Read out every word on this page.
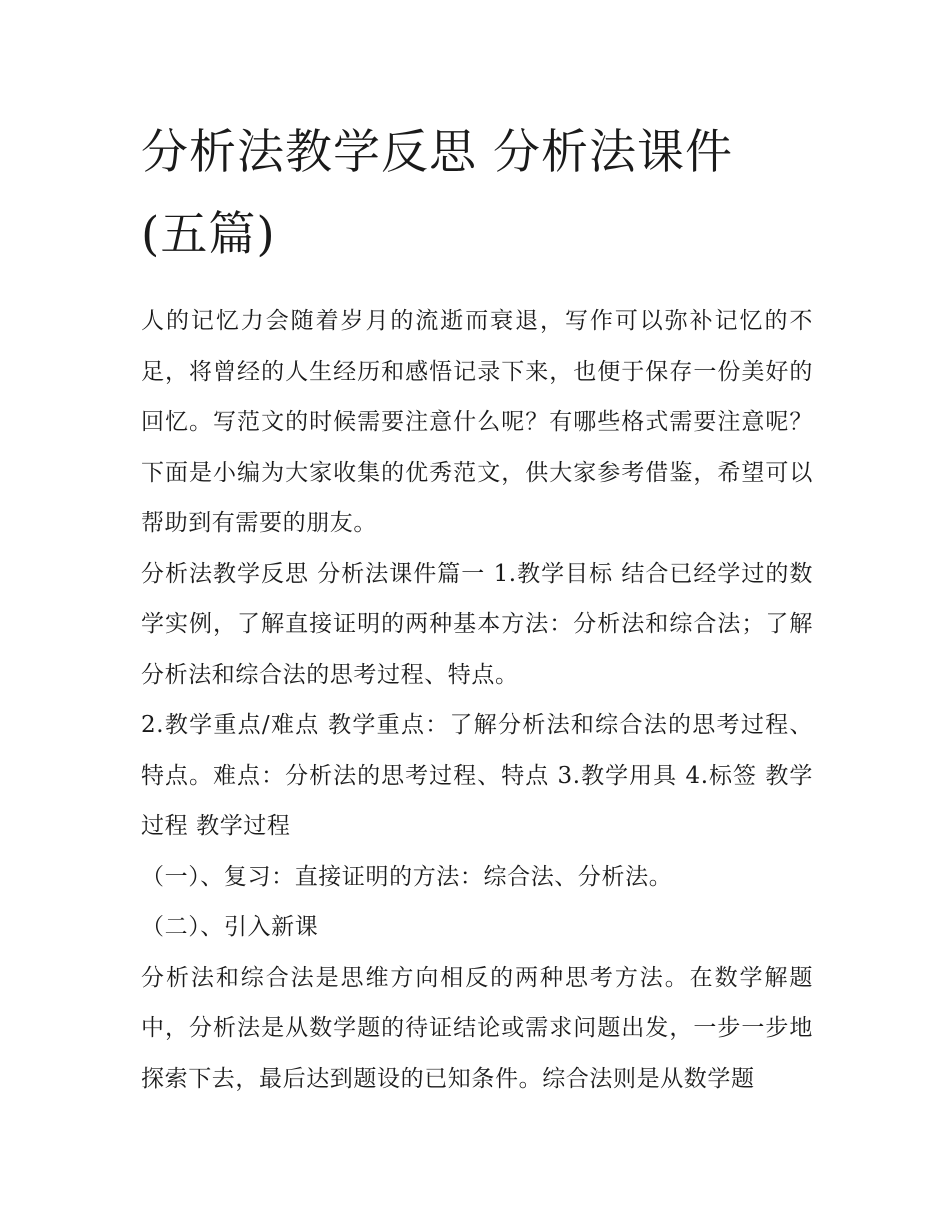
分析法教学反思 分析法课件(五篇)

人的记忆力会随着岁月的流逝而衰退，写作可以弥补记忆的不足，将曾经的人生经历和感悟记录下来，也便于保存一份美好的回忆。写范文的时候需要注意什么呢？有哪些格式需要注意呢？下面是小编为大家收集的优秀范文，供大家参考借鉴，希望可以帮助到有需要的朋友。

分析法教学反思 分析法课件篇一 1.教学目标 结合已经学过的数学实例，了解直接证明的两种基本方法：分析法和综合法；了解分析法和综合法的思考过程、特点。

2.教学重点/难点 教学重点：了解分析法和综合法的思考过程、特点。难点：分析法的思考过程、特点 3.教学用具 4.标签 教学过程 教学过程

（一）、复习：直接证明的方法：综合法、分析法。

（二）、引入新课

分析法和综合法是思维方向相反的两种思考方法。在数学解题中，分析法是从数学题的待证结论或需求问题出发，一步一步地探索下去，最后达到题设的已知条件。综合法则是从数学题
